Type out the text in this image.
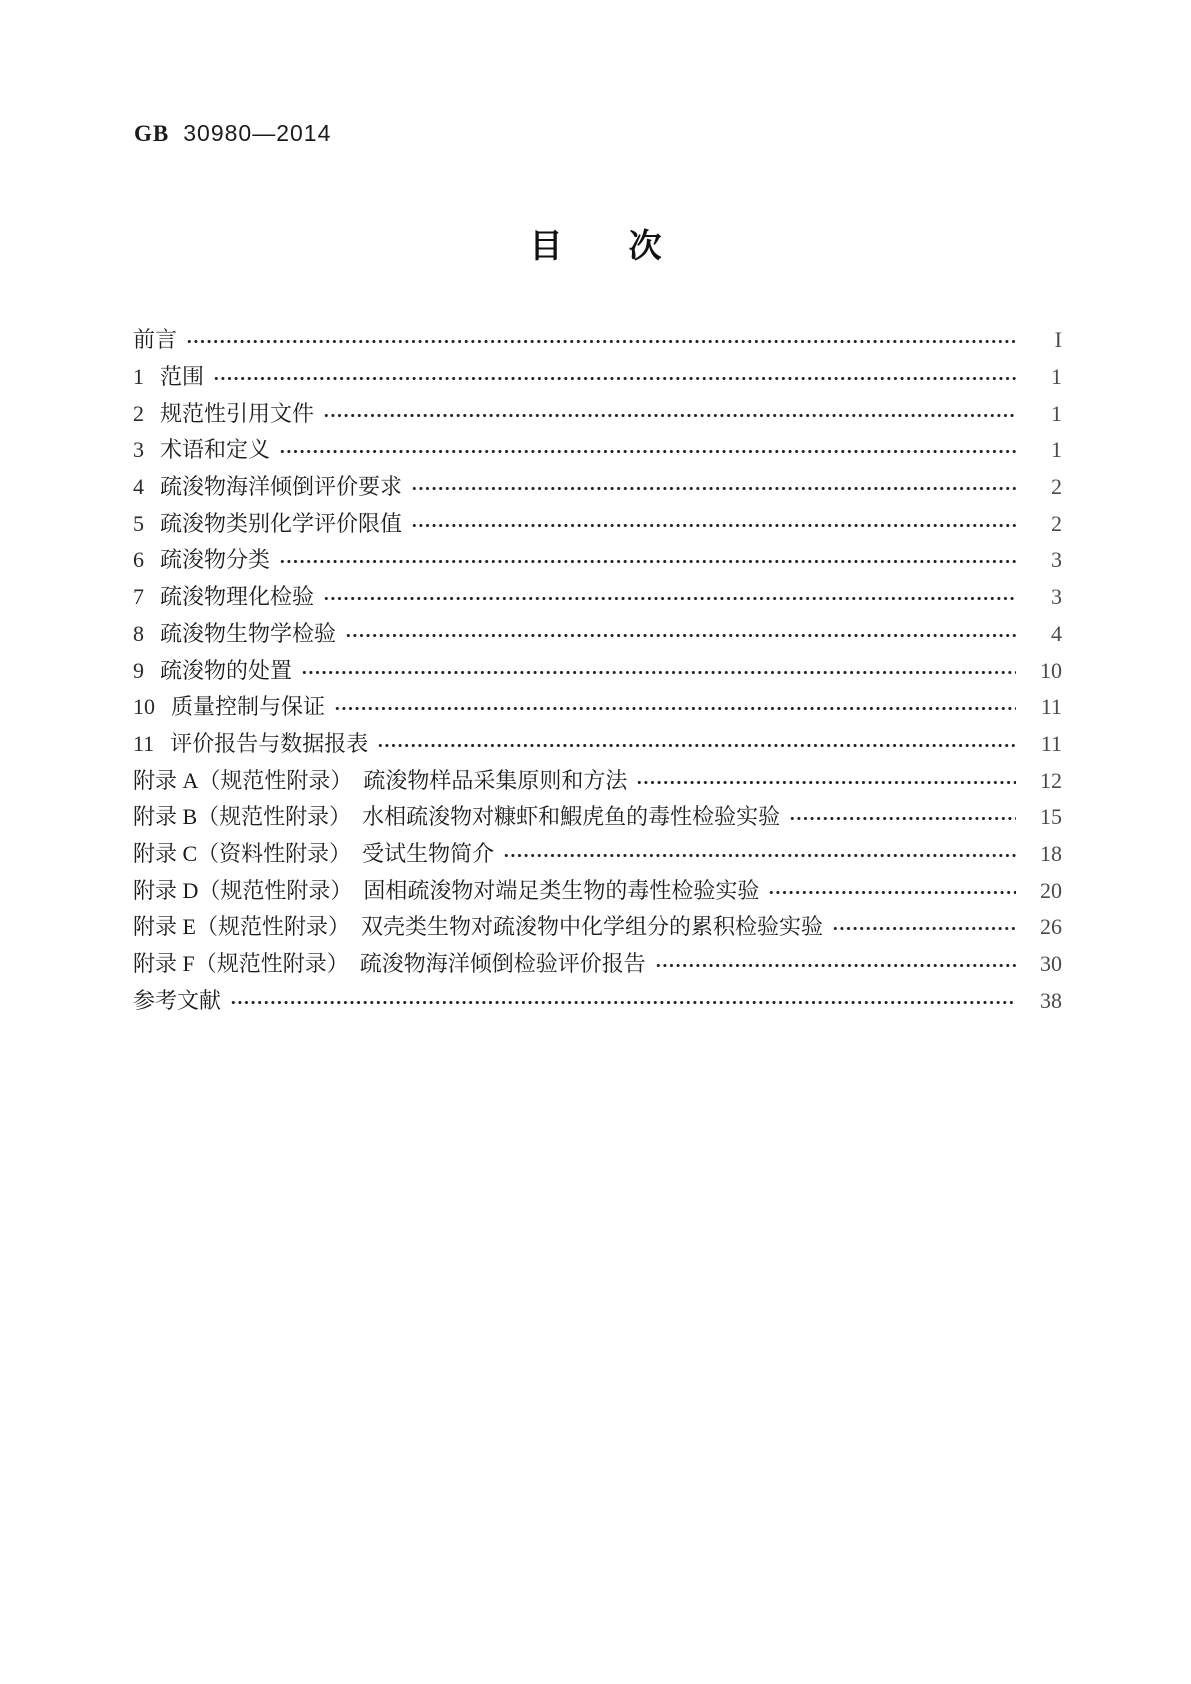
GB 30980—2014
目　　次
前言	I
1 范围	1
2 规范性引用文件	1
3 术语和定义	1
4 疏浚物海洋倾倒评价要求	2
5 疏浚物类别化学评价限值	2
6 疏浚物分类	3
7 疏浚物理化检验	3
8 疏浚物生物学检验	4
9 疏浚物的处置	10
10 质量控制与保证	11
11 评价报告与数据报表	11
附录 A（规范性附录）　疏浚物样品采集原则和方法	12
附录 B（规范性附录）　水相疏浚物对糠虾和鰕虎鱼的毒性检验实验	15
附录 C（资料性附录）　受试生物简介	18
附录 D（规范性附录）　固相疏浚物对端足类生物的毒性检验实验	20
附录 E（规范性附录）　双壳类生物对疏浚物中化学组分的累积检验实验	26
附录 F（规范性附录）　疏浚物海洋倾倒检验评价报告	30
参考文献	38
